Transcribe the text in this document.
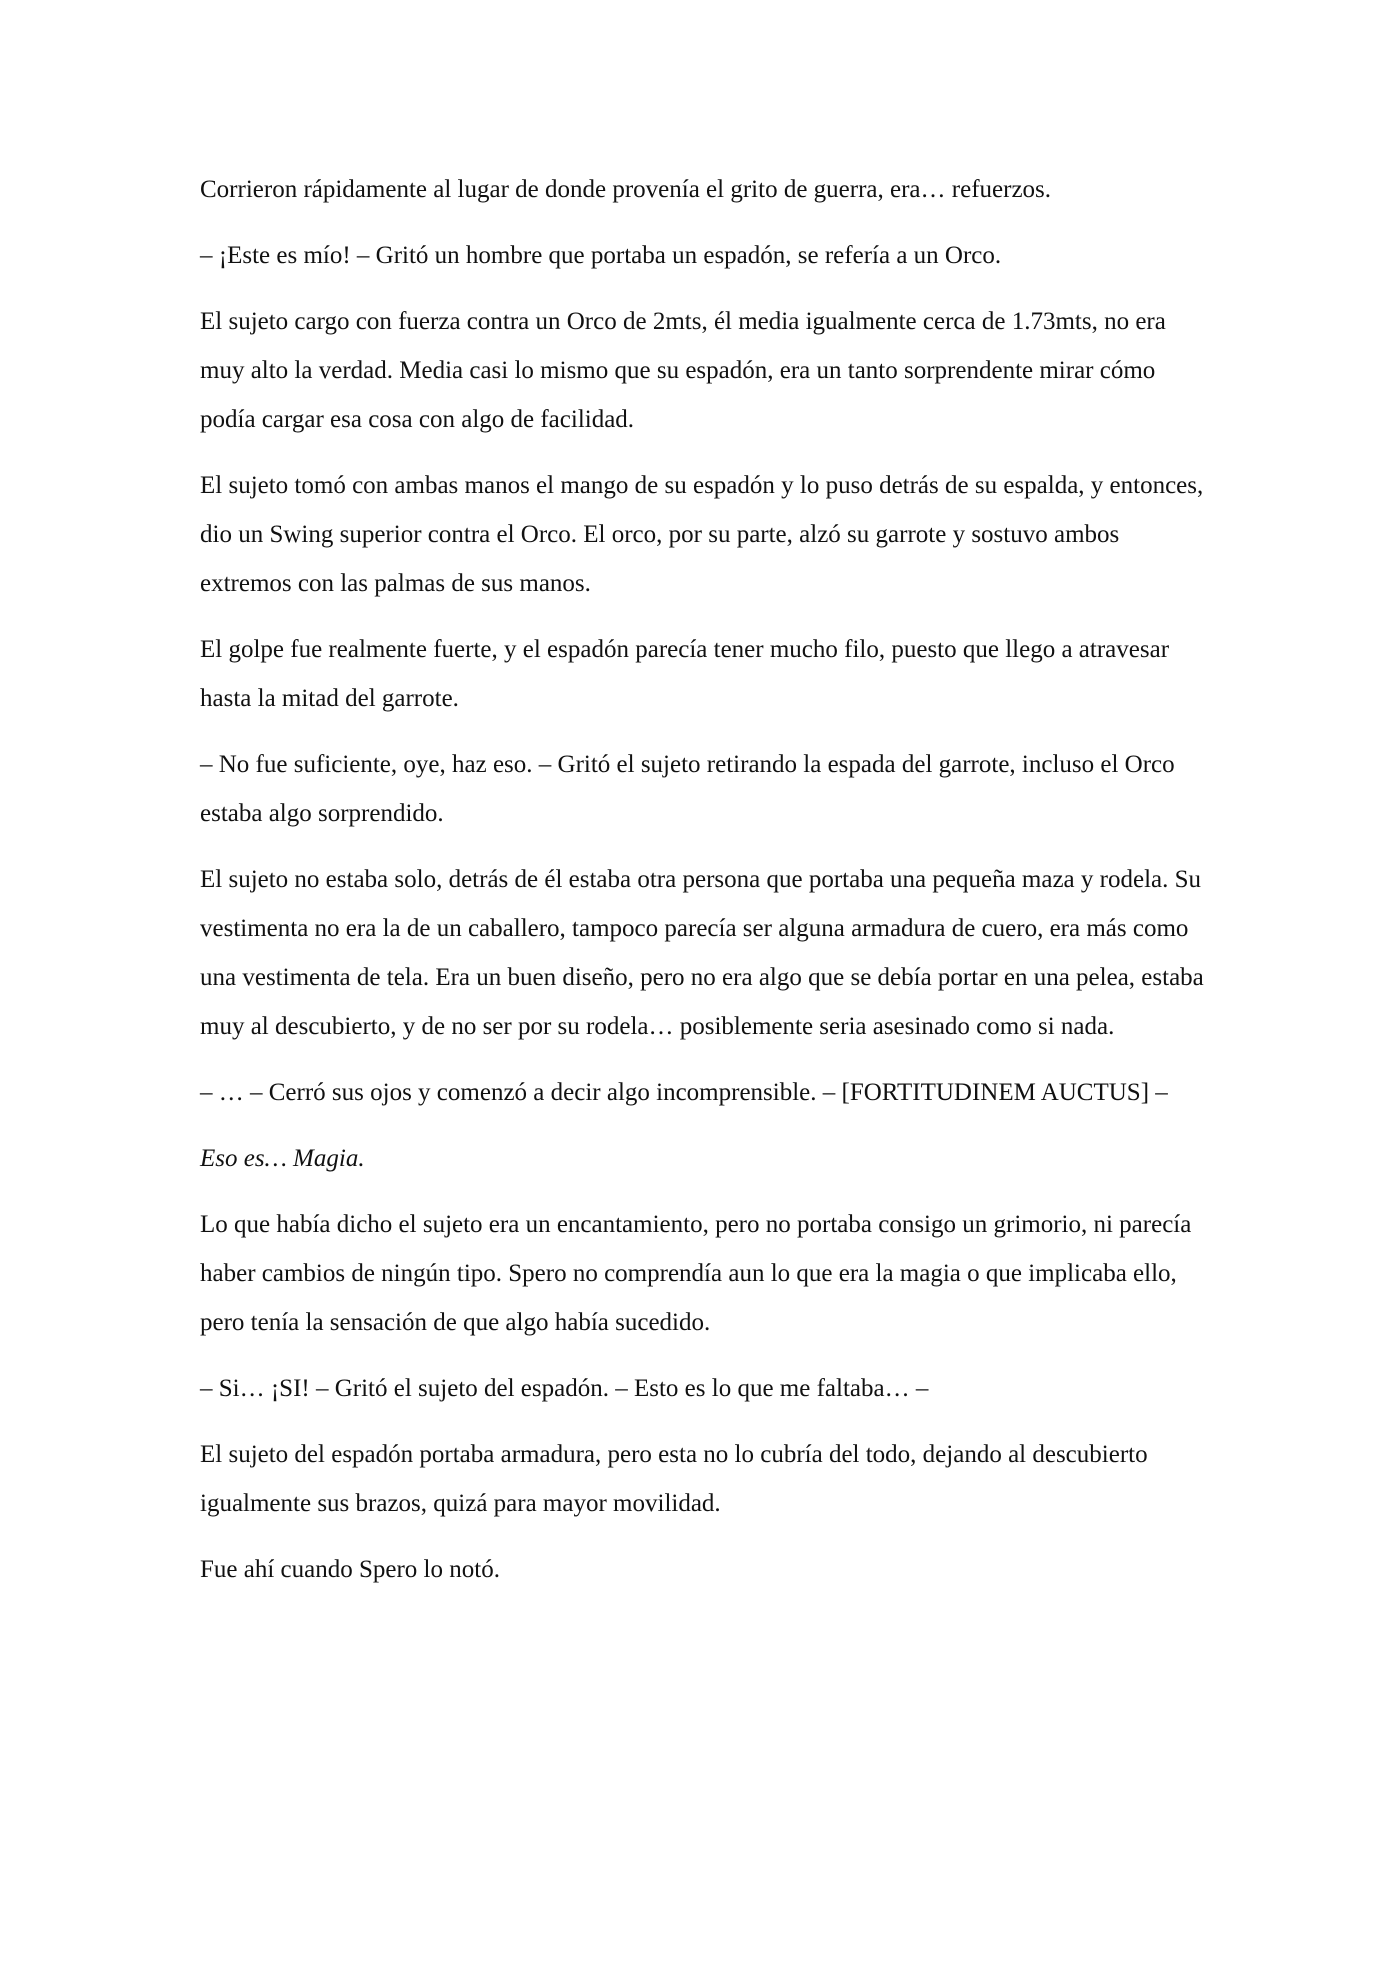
Corrieron rápidamente al lugar de donde provenía el grito de guerra, era… refuerzos.

– ¡Este es mío! – Gritó un hombre que portaba un espadón, se refería a un Orco.

El sujeto cargo con fuerza contra un Orco de 2mts, él media igualmente cerca de 1.73mts, no era muy alto la verdad. Media casi lo mismo que su espadón, era un tanto sorprendente mirar cómo podía cargar esa cosa con algo de facilidad.

El sujeto tomó con ambas manos el mango de su espadón y lo puso detrás de su espalda, y entonces, dio un Swing superior contra el Orco. El orco, por su parte, alzó su garrote y sostuvo ambos extremos con las palmas de sus manos.

El golpe fue realmente fuerte, y el espadón parecía tener mucho filo, puesto que llego a atravesar hasta la mitad del garrote.

– No fue suficiente, oye, haz eso. – Gritó el sujeto retirando la espada del garrote, incluso el Orco estaba algo sorprendido.

El sujeto no estaba solo, detrás de él estaba otra persona que portaba una pequeña maza y rodela. Su vestimenta no era la de un caballero, tampoco parecía ser alguna armadura de cuero, era más como una vestimenta de tela. Era un buen diseño, pero no era algo que se debía portar en una pelea, estaba muy al descubierto, y de no ser por su rodela… posiblemente seria asesinado como si nada.

– … – Cerró sus ojos y comenzó a decir algo incomprensible. – [FORTITUDINEM AUCTUS] –

Eso es… Magia.

Lo que había dicho el sujeto era un encantamiento, pero no portaba consigo un grimorio, ni parecía haber cambios de ningún tipo. Spero no comprendía aun lo que era la magia o que implicaba ello, pero tenía la sensación de que algo había sucedido.

– Si… ¡SI! – Gritó el sujeto del espadón. – Esto es lo que me faltaba… –

El sujeto del espadón portaba armadura, pero esta no lo cubría del todo, dejando al descubierto igualmente sus brazos, quizá para mayor movilidad.

Fue ahí cuando Spero lo notó.
